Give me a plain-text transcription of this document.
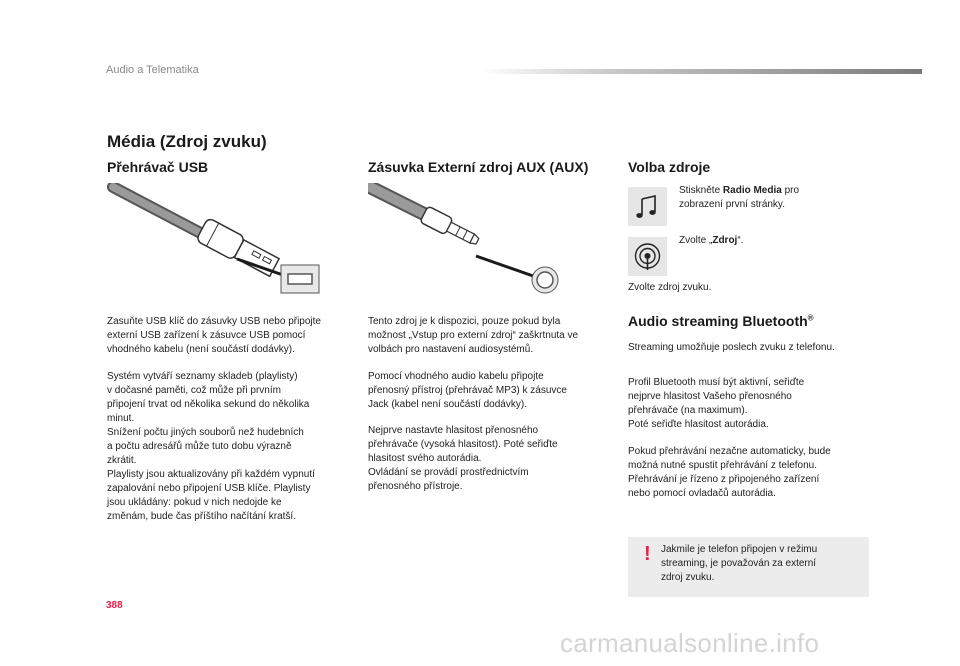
Audio a Telematika
Média (Zdroj zvuku)
Přehrávač USB
Zasuňte USB klíč do zásuvky USB nebo připojte
externí USB zařízení k zásuvce USB pomocí
vhodného kabelu (není součástí dodávky).
Systém vytváří seznamy skladeb (playlisty)
v dočasné paměti, což může při prvním
připojení trvat od několika sekund do několika
minut.
Snížení počtu jiných souborů než hudebních
a počtu adresářů může tuto dobu výrazně
zkrátit.
Playlisty jsou aktualizovány při každém vypnutí
zapalování nebo připojení USB klíče. Playlisty
jsou ukládány: pokud v nich nedojde ke
změnám, bude čas příštího načítání kratší.
Zásuvka Externí zdroj AUX (AUX)
Tento zdroj je k dispozici, pouze pokud byla
možnost „Vstup pro externí zdroj“ zaškrtnuta ve
volbách pro nastavení audiosystémů.
Pomocí vhodného audio kabelu připojte
přenosný přístroj (přehrávač MP3) k zásuvce
Jack (kabel není součástí dodávky).
Nejprve nastavte hlasitost přenosného
přehrávače (vysoká hlasitost). Poté seřiďte
hlasitost svého autorádia.
Ovládání se provádí prostřednictvím
přenosného přístroje.
Volba zdroje
Stiskněte Radio Media pro
zobrazení první stránky.
Zvolte „Zdroj“.
Zvolte zdroj zvuku.
Audio streaming Bluetooth®
Streaming umožňuje poslech zvuku z telefonu.
Profil Bluetooth musí být aktivní, seřiďte
nejprve hlasitost Vašeho přenosného
přehrávače (na maximum).
Poté seřiďte hlasitost autorádia.
Pokud přehrávání nezačne automaticky, bude
možná nutné spustit přehrávání z telefonu.
Přehrávání je řízeno z připojeného zařízení
nebo pomocí ovladačů autorádia.
! Jakmile je telefon připojen v režimu
streaming, je považován za externí
zdroj zvuku.
388
carmanualsonline.info
